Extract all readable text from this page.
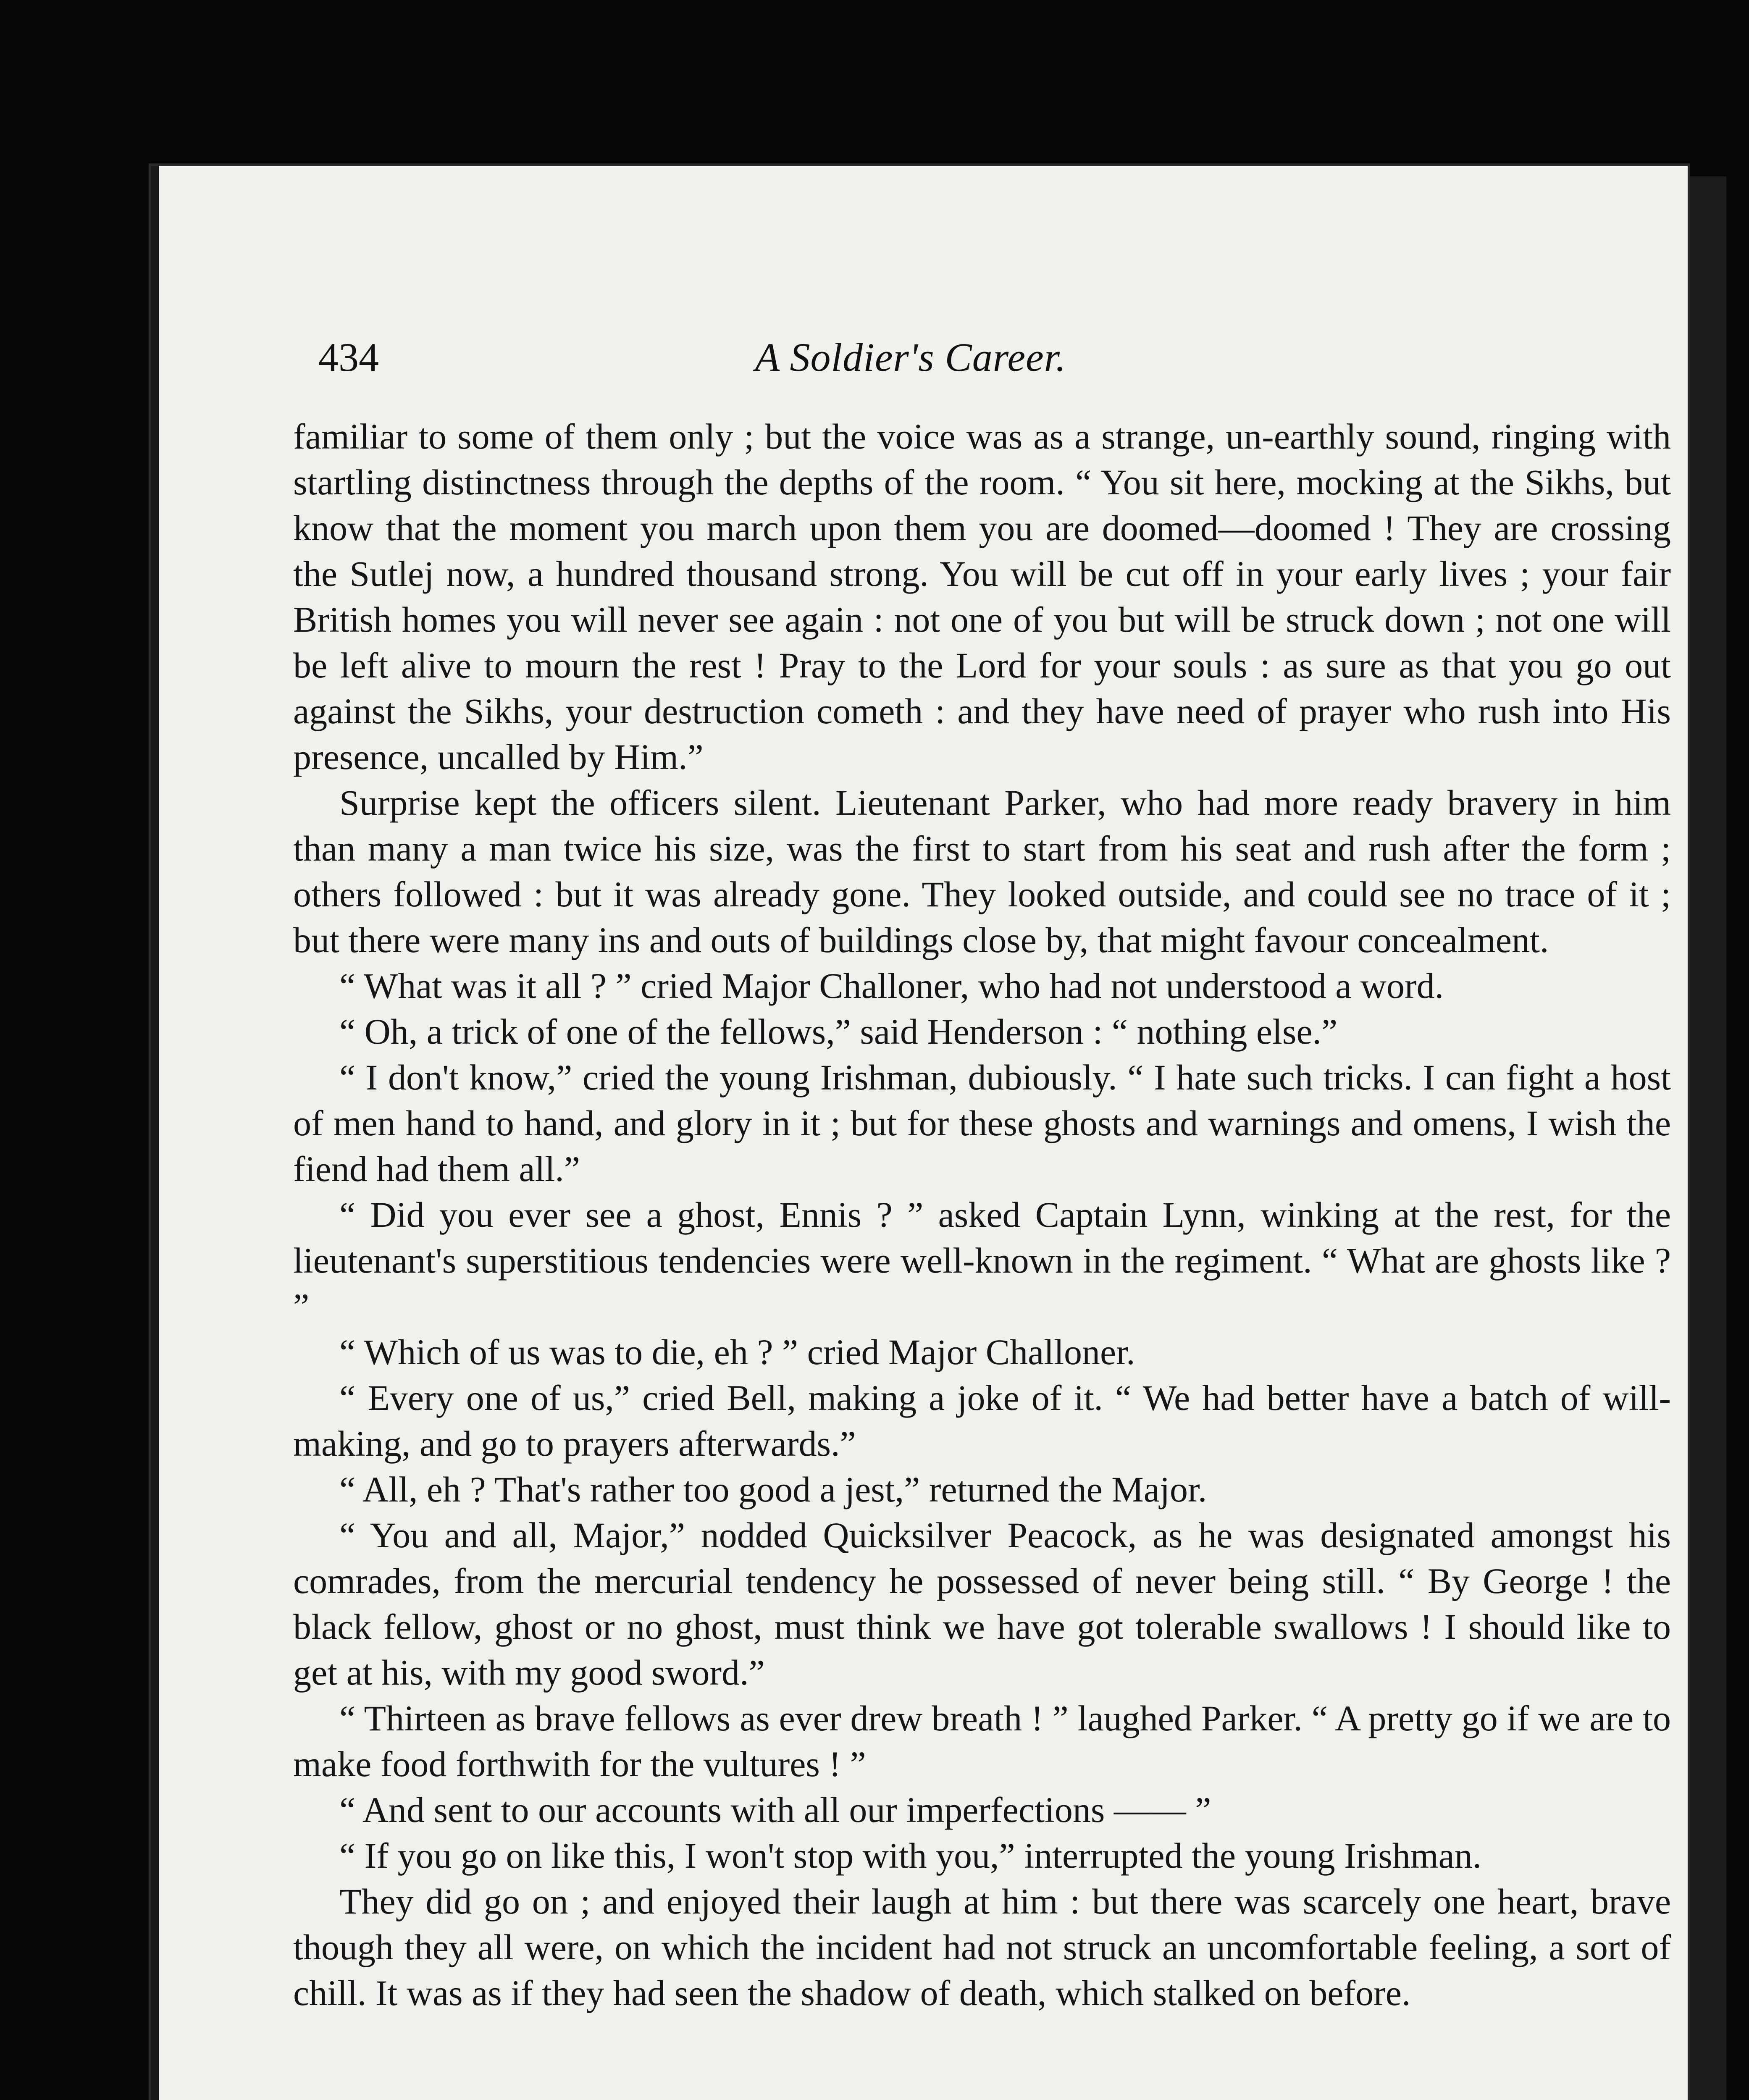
434	A Soldier's Career.

familiar to some of them only ; but the voice was as a strange, un-earthly sound, ringing with startling distinctness through the depths of the room. “ You sit here, mocking at the Sikhs, but know that the moment you march upon them you are doomed—doomed ! They are crossing the Sutlej now, a hundred thousand strong. You will be cut off in your early lives ; your fair British homes you will never see again : not one of you but will be struck down ; not one will be left alive to mourn the rest ! Pray to the Lord for your souls : as sure as that you go out against the Sikhs, your destruction cometh : and they have need of prayer who rush into His presence, uncalled by Him.”

Surprise kept the officers silent. Lieutenant Parker, who had more ready bravery in him than many a man twice his size, was the first to start from his seat and rush after the form ; others followed : but it was already gone. They looked outside, and could see no trace of it ; but there were many ins and outs of buildings close by, that might favour concealment.

“ What was it all ? ” cried Major Challoner, who had not understood a word.

“ Oh, a trick of one of the fellows,” said Henderson : “ nothing else.”

“ I don't know,” cried the young Irishman, dubiously. “ I hate such tricks. I can fight a host of men hand to hand, and glory in it ; but for these ghosts and warnings and omens, I wish the fiend had them all.”

“ Did you ever see a ghost, Ennis ? ” asked Captain Lynn, winking at the rest, for the lieutenant's superstitious tendencies were well-known in the regiment. “ What are ghosts like ? ”

“ Which of us was to die, eh ? ” cried Major Challoner.

“ Every one of us,” cried Bell, making a joke of it. “ We had better have a batch of will-making, and go to prayers afterwards.”

“ All, eh ? That's rather too good a jest,” returned the Major.

“ You and all, Major,” nodded Quicksilver Peacock, as he was designated amongst his comrades, from the mercurial tendency he possessed of never being still. “ By George ! the black fellow, ghost or no ghost, must think we have got tolerable swallows ! I should like to get at his, with my good sword.”

“ Thirteen as brave fellows as ever drew breath ! ” laughed Parker. “ A pretty go if we are to make food forthwith for the vultures ! ”

“ And sent to our accounts with all our imperfections —— ”

“ If you go on like this, I won't stop with you,” interrupted the young Irishman.

They did go on ; and enjoyed their laugh at him : but there was scarcely one heart, brave though they all were, on which the incident had not struck an uncomfortable feeling, a sort of chill. It was as if they had seen the shadow of death, which stalked on before.
